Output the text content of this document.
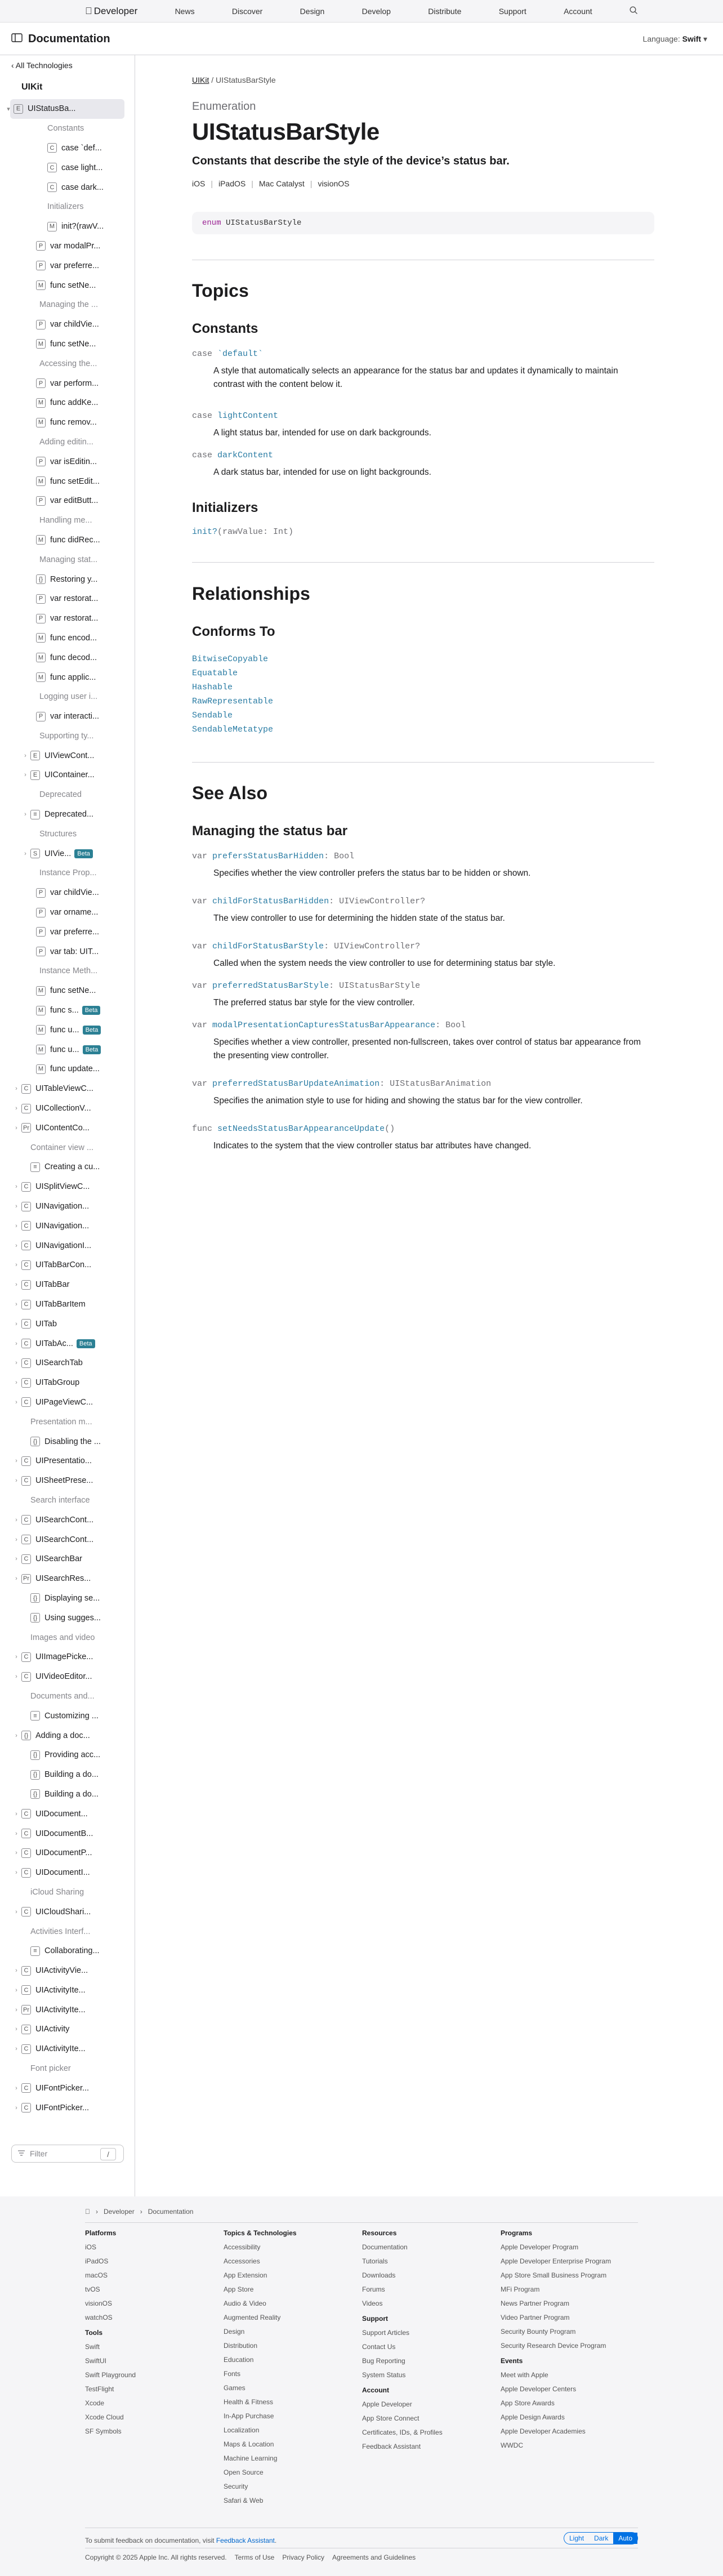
Developer	News	Discover	Design	Develop	Distribute	Support	Account
Documentation	Language: Swift ▾
‹ All Technologies
UIKit
▾	E UIStatusBa...
Constants
C case `def...
C case light...
C case dark...
Initializers
M init?(rawV...
P var modalPr...
P var preferre...
M func setNe...
Managing the ...
P var childVie...
M func setNe...
Accessing the...
P var perform...
M func addKe...
M func remov...
Adding editin...
P var isEditin...
M func setEdit...
P var editButt...
Handling me...
M func didRec...
Managing stat...
{} Restoring y...
P var restorat...
P var restorat...
M func encod...
M func decod...
M func applic...
Logging user i...
P var interacti...
Supporting ty...
›	E UIViewCont...
›	E UIContainer...
Deprecated
›	≡ Deprecated...
Structures
›	S UIVie...	Beta
Instance Prop...
P var childVie...
P var ornamе...
P var preferre...
P var tab: UIT...
Instance Meth...
M func setNe...
M func s...	Beta
M func u...	Beta
M func u...	Beta
M func update...
›	C UITableViewC...
›	C UICollectionV...
› Pr UIContentCo...
Container view ...
≡ Creating a cu...
›	C UISplitViewC...
›	C UINavigation...
›	C UINavigation...
›	C UINavigationI...
›	C UITabBarCon...
›	C UITabBar
›	C UITabBarItem
›	C UITab
›	C UITabAc...	Beta
›	C UISearchTab
›	C UITabGroup
›	C UIPageViewC...
Presentation m...
{} Disabling the ...
›	C UIPresentatio...
›	C UISheetPrese...
Search interface
›	C UISearchCont...
›	C UISearchCont...
›	C UISearchBar
› Pr UISearchRes...
{} Displaying se...
{} Using sugges...
Images and video
›	C UIImagePicke...
›	C UIVideoEditor...
Documents and...
≡ Customizing ...
›	{} Adding a doc...
{} Providing acc...
{} Building a do...
{} Building a do...
›	C UIDocument...
›	C UIDocumentB...
›	C UIDocumentP...
›	C UIDocumentI...
iCloud Sharing
›	C UICloudShari...
Activities Interf...
≡ Collaborating...
›	C UIActivityVie...
›	C UIActivityIte...
› Pr UIActivityIte...
›	C UIActivity
›	C UIActivityIte...
Font picker
›	C UIFontPicker...
›	C UIFontPicker...
Filter	/
UIKit / UIStatusBarStyle
Enumeration
UIStatusBarStyle
Constants that describe the style of the device’s status bar.
iOS | iPadOS | Mac Catalyst | visionOS
enum
UIStatusBarStyle
Topics
Constants
case `default`
A style that automatically selects an appearance for the status bar and updates it dynamically to maintain contrast with the content below it.
case lightContent
A light status bar, intended for use on dark backgrounds.
case darkContent
A dark status bar, intended for use on light backgrounds.
Initializers
init?(rawValue: Int)
Relationships
Conforms To
BitwiseCopyable
Equatable
Hashable
RawRepresentable
Sendable
SendableMetatype
See Also
Managing the status bar
var prefersStatusBarHidden: Bool
Specifies whether the view controller prefers the status bar to be hidden or shown.
var childForStatusBarHidden: UIViewController?
The view controller to use for determining the hidden state of the status bar.
var childForStatusBarStyle: UIViewController?
Called when the system needs the view controller to use for determining status bar style.
var preferredStatusBarStyle: UIStatusBarStyle
The preferred status bar style for the view controller.
var modalPresentationCapturesStatusBarAppearance: Bool
Specifies whether a view controller, presented non-fullscreen, takes over control of status bar appearance from the presenting view controller.
var preferredStatusBarUpdateAnimation: UIStatusBarAnimation
Specifies the animation style to use for hiding and showing the status bar for the view controller.
func setNeedsStatusBarAppearanceUpdate()
Indicates to the system that the view controller status bar attributes have changed.
› Developer › Documentation
Platforms
iOS
iPadOS
macOS
tvOS
visionOS
watchOS
Tools
Swift
SwiftUI
Swift Playground
TestFlight
Xcode
Xcode Cloud
SF Symbols
Topics & Technologies
Accessibility
Accessories
App Extension
App Store
Audio & Video
Augmented Reality
Design
Distribution
Education
Fonts
Games
Health & Fitness
In-App Purchase
Localization
Maps & Location
Machine Learning
Open Source
Security
Safari & Web
Resources
Documentation
Tutorials
Downloads
Forums
Videos
Support
Support Articles
Contact Us
Bug Reporting
System Status
Account
Apple Developer
App Store Connect
Certificates, IDs, & Profiles
Feedback Assistant
Programs
Apple Developer Program
Apple Developer Enterprise Program
App Store Small Business Program
MFi Program
News Partner Program
Video Partner Program
Security Bounty Program
Security Research Device Program
Events
Meet with Apple
Apple Developer Centers
App Store Awards
Apple Design Awards
Apple Developer Academies
WWDC
To submit feedback on documentation, visit Feedback Assistant.	Light	Dark	Auto
Copyright © 2025 Apple Inc. All rights reserved. Terms of Use Privacy Policy Agreements and Guidelines
